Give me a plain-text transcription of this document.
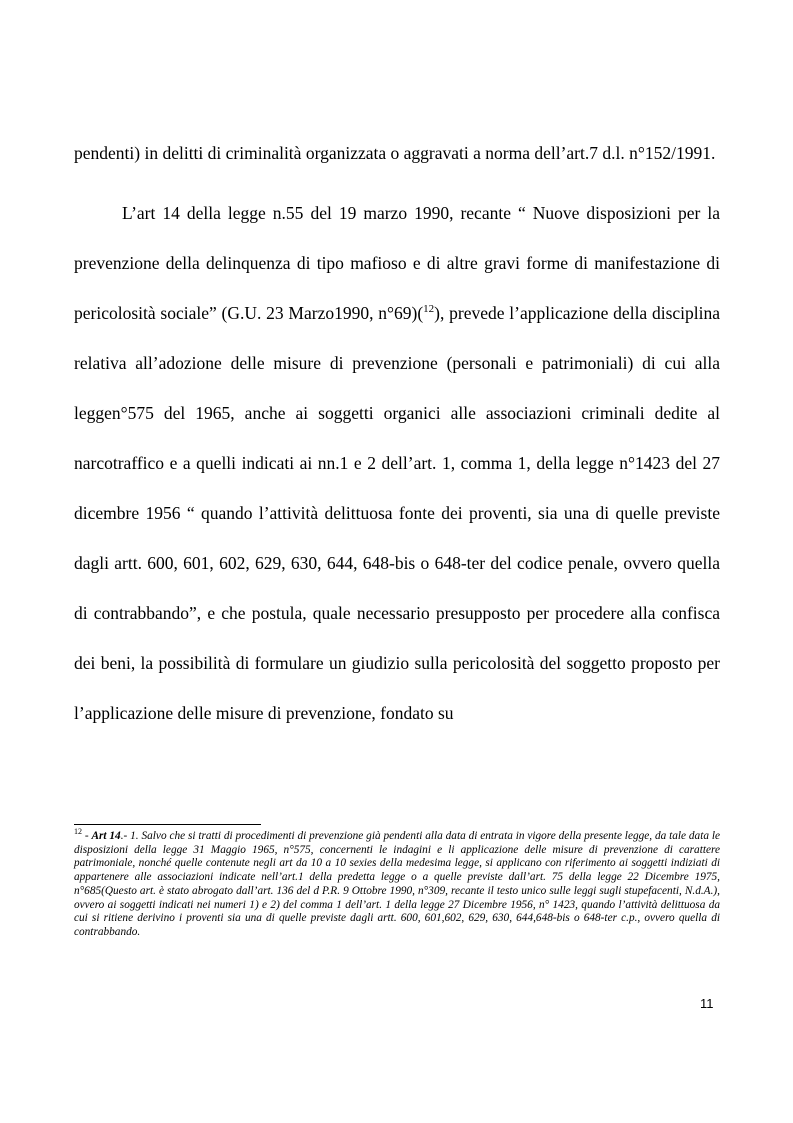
pendenti) in delitti di criminalità organizzata o aggravati a norma dell’art.7 d.l. n°152/1991.

L’art 14 della legge n.55 del 19 marzo 1990, recante “ Nuove disposizioni per la prevenzione della delinquenza di tipo mafioso e di altre gravi forme di manifestazione di pericolosità sociale” (G.U. 23 Marzo1990, n°69)($^{12}$), prevede l’applicazione della disciplina relativa all’adozione delle misure di prevenzione (personali e patrimoniali) di cui alla leggen°575 del 1965, anche ai soggetti organici alle associazioni criminali dedite al narcotraffico e a quelli indicati ai nn.1 e 2 dell’art. 1, comma 1, della legge n°1423 del 27 dicembre 1956 “ quando l’attività delittuosa fonte dei proventi, sia una di quelle previste dagli artt. 600, 601, 602, 629, 630, 644, 648-bis o 648-ter del codice penale, ovvero quella di contrabbando”, e che postula, quale necessario presupposto per procedere alla confisca dei beni, la possibilità di formulare un giudizio sulla pericolosità del soggetto proposto per l’applicazione delle misure di prevenzione, fondato su

$^{12}$ - Art 14.- 1. Salvo che si tratti di procedimenti di prevenzione già pendenti alla data di entrata in vigore della presente legge, da tale data le disposizioni della legge 31 Maggio 1965, n°575, concernenti le indagini e li applicazione delle misure di prevenzione di carattere patrimoniale, nonché quelle contenute negli art da 10 a 10 sexies della medesima legge, si applicano con riferimento ai soggetti indiziati di appartenere alle associazioni indicate nell’art.1 della predetta legge o a quelle previste dall’art. 75 della legge 22 Dicembre 1975, n°685(Questo art. è stato abrogato dall’art. 136 del d P.R. 9 Ottobre 1990, n°309, recante il testo unico sulle leggi sugli stupefacenti, N.d.A.), ovvero ai soggetti indicati nei numeri 1) e 2) del comma 1 dell’art. 1 della legge 27 Dicembre 1956, n° 1423, quando l’attività delittuosa da cui si ritiene derivino i proventi sia una di quelle previste dagli artt. 600, 601,602, 629, 630, 644,648-bis o 648-ter c.p., ovvero quella di contrabbando.

11
